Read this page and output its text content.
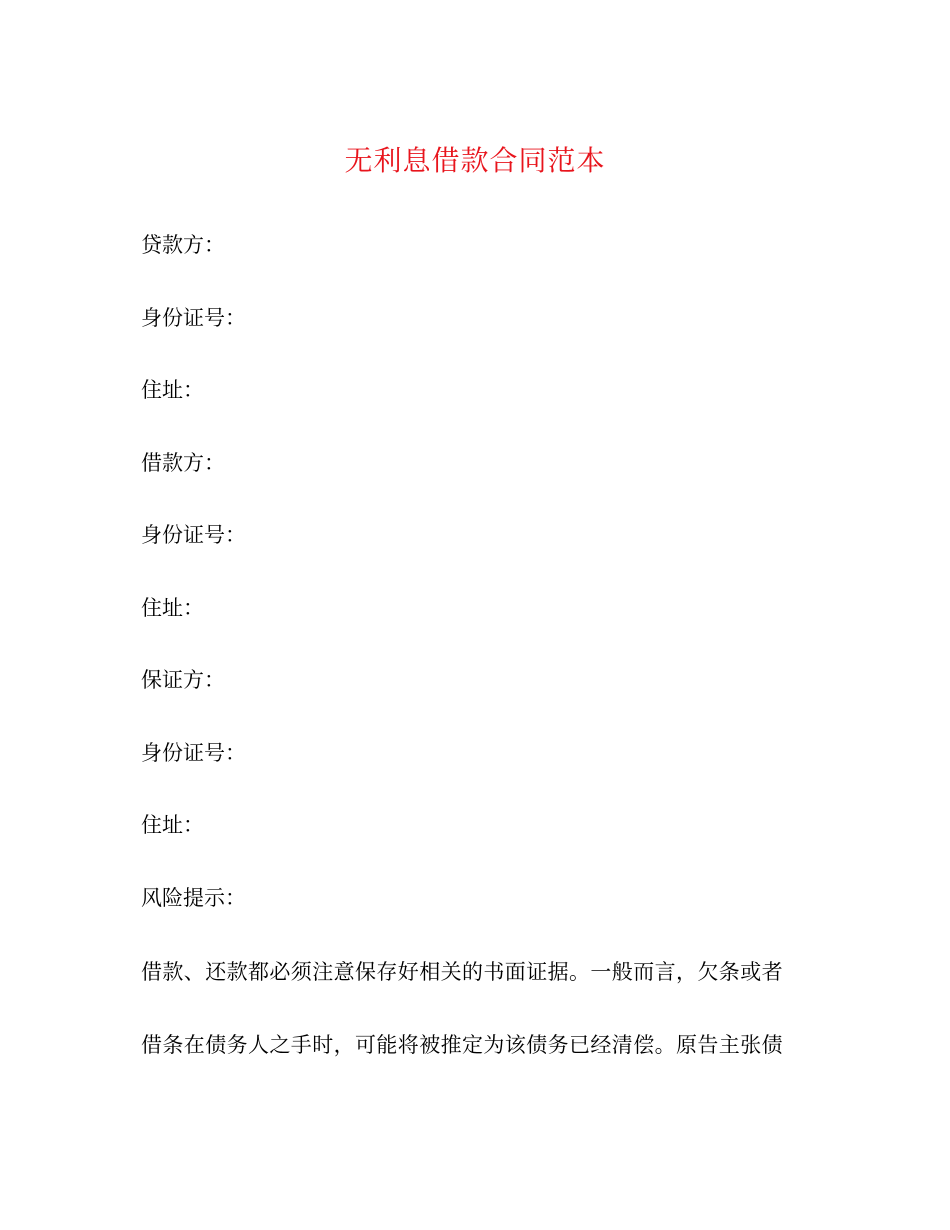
无利息借款合同范本
贷款方：
身份证号：
住址：
借款方：
身份证号：
住址：
保证方：
身份证号：
住址：
风险提示：
借款、还款都必须注意保存好相关的书面证据。一般而言，欠条或者
借条在债务人之手时，可能将被推定为该债务已经清偿。原告主张债
